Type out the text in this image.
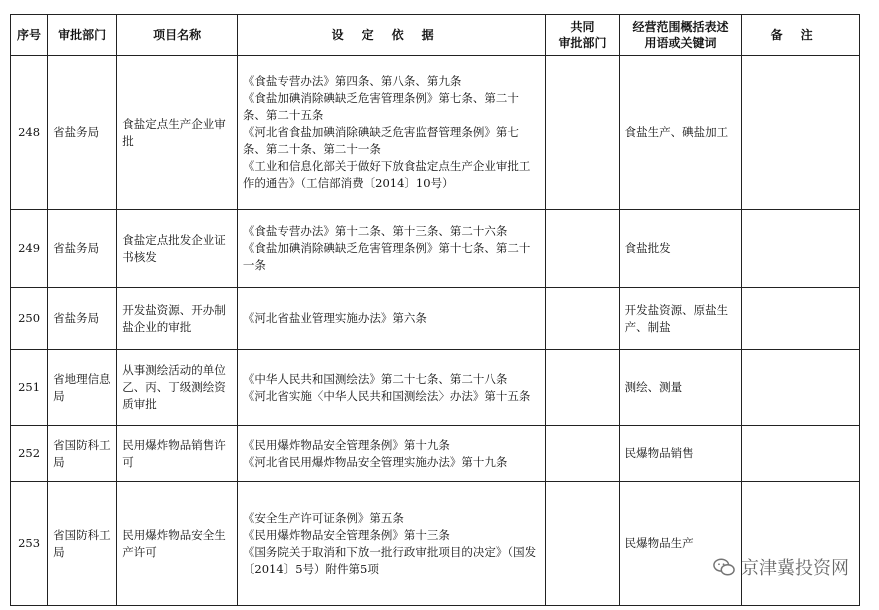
序号	审批部门	项目名称	设定依据	共同
审批部门	经营范围概括表述
用语或关键词	备注
248	省盐务局	食盐定点生产企业审批	《食盐专营办法》第四条、第八条、第九条
《食盐加碘消除碘缺乏危害管理条例》第七条、第二十条、第二十五条
《河北省食盐加碘消除碘缺乏危害监督管理条例》第七条、第二十条、第二十一条
《工业和信息化部关于做好下放食盐定点生产企业审批工作的通告》（工信部消费〔2014〕10号）		食盐生产、碘盐加工	
249	省盐务局	食盐定点批发企业证书核发	《食盐专营办法》第十二条、第十三条、第二十六条
《食盐加碘消除碘缺乏危害管理条例》第十七条、第二十一条		食盐批发	
250	省盐务局	开发盐资源、开办制盐企业的审批	《河北省盐业管理实施办法》第六条		开发盐资源、原盐生产、制盐	
251	省地理信息局	从事测绘活动的单位乙、丙、丁级测绘资质审批	《中华人民共和国测绘法》第二十七条、第二十八条
《河北省实施〈中华人民共和国测绘法〉办法》第十五条		测绘、测量	
252	省国防科工局	民用爆炸物品销售许可	《民用爆炸物品安全管理条例》第十九条
《河北省民用爆炸物品安全管理实施办法》第十九条		民爆物品销售	
253	省国防科工局	民用爆炸物品安全生产许可	《安全生产许可证条例》第五条
《民用爆炸物品安全管理条例》第十三条
《国务院关于取消和下放一批行政审批项目的决定》（国发〔2014〕5号）附件第5项		民爆物品生产	
京津冀投资网
